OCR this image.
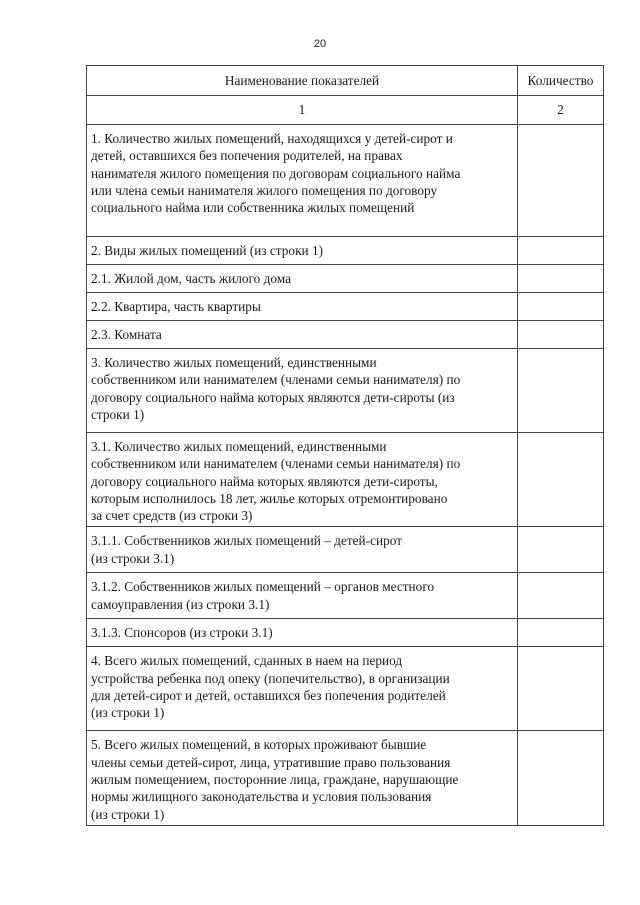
20
Наименование показателей	Количество
1	2

1. Количество жилых помещений, находящихся у детей-сирот и
детей, оставшихся без попечения родителей, на правах
нанимателя жилого помещения по договорам социального найма
или члена семьи нанимателя жилого помещения по договору
социального найма или собственника жилых помещений	

2. Виды жилых помещений (из строки 1)	

2.1. Жилой дом, часть жилого дома	

2.2. Квартира, часть квартиры	

2.3. Комната	

3. Количество жилых помещений, единственными
собственником или нанимателем (членами семьи нанимателя) по
договору социального найма которых являются дети-сироты (из
строки 1)	

3.1. Количество жилых помещений, единственными
собственником или нанимателем (членами семьи нанимателя) по
договору социального найма которых являются дети-сироты,
которым исполнилось 18 лет, жилье которых отремонтировано
за счет средств (из строки 3)	

3.1.1. Собственников жилых помещений – детей-сирот
(из строки 3.1)	

3.1.2. Собственников жилых помещений – органов местного
самоуправления (из строки 3.1)	

3.1.3. Спонсоров (из строки 3.1)	

4. Всего жилых помещений, сданных в наем на период
устройства ребенка под опеку (попечительство), в организации
для детей-сирот и детей, оставшихся без попечения родителей
(из строки 1)	

5. Всего жилых помещений, в которых проживают бывшие
члены семьи детей-сирот, лица, утратившие право пользования
жилым помещением, посторонние лица, граждане, нарушающие
нормы жилищного законодательства и условия пользования
(из строки 1)	
